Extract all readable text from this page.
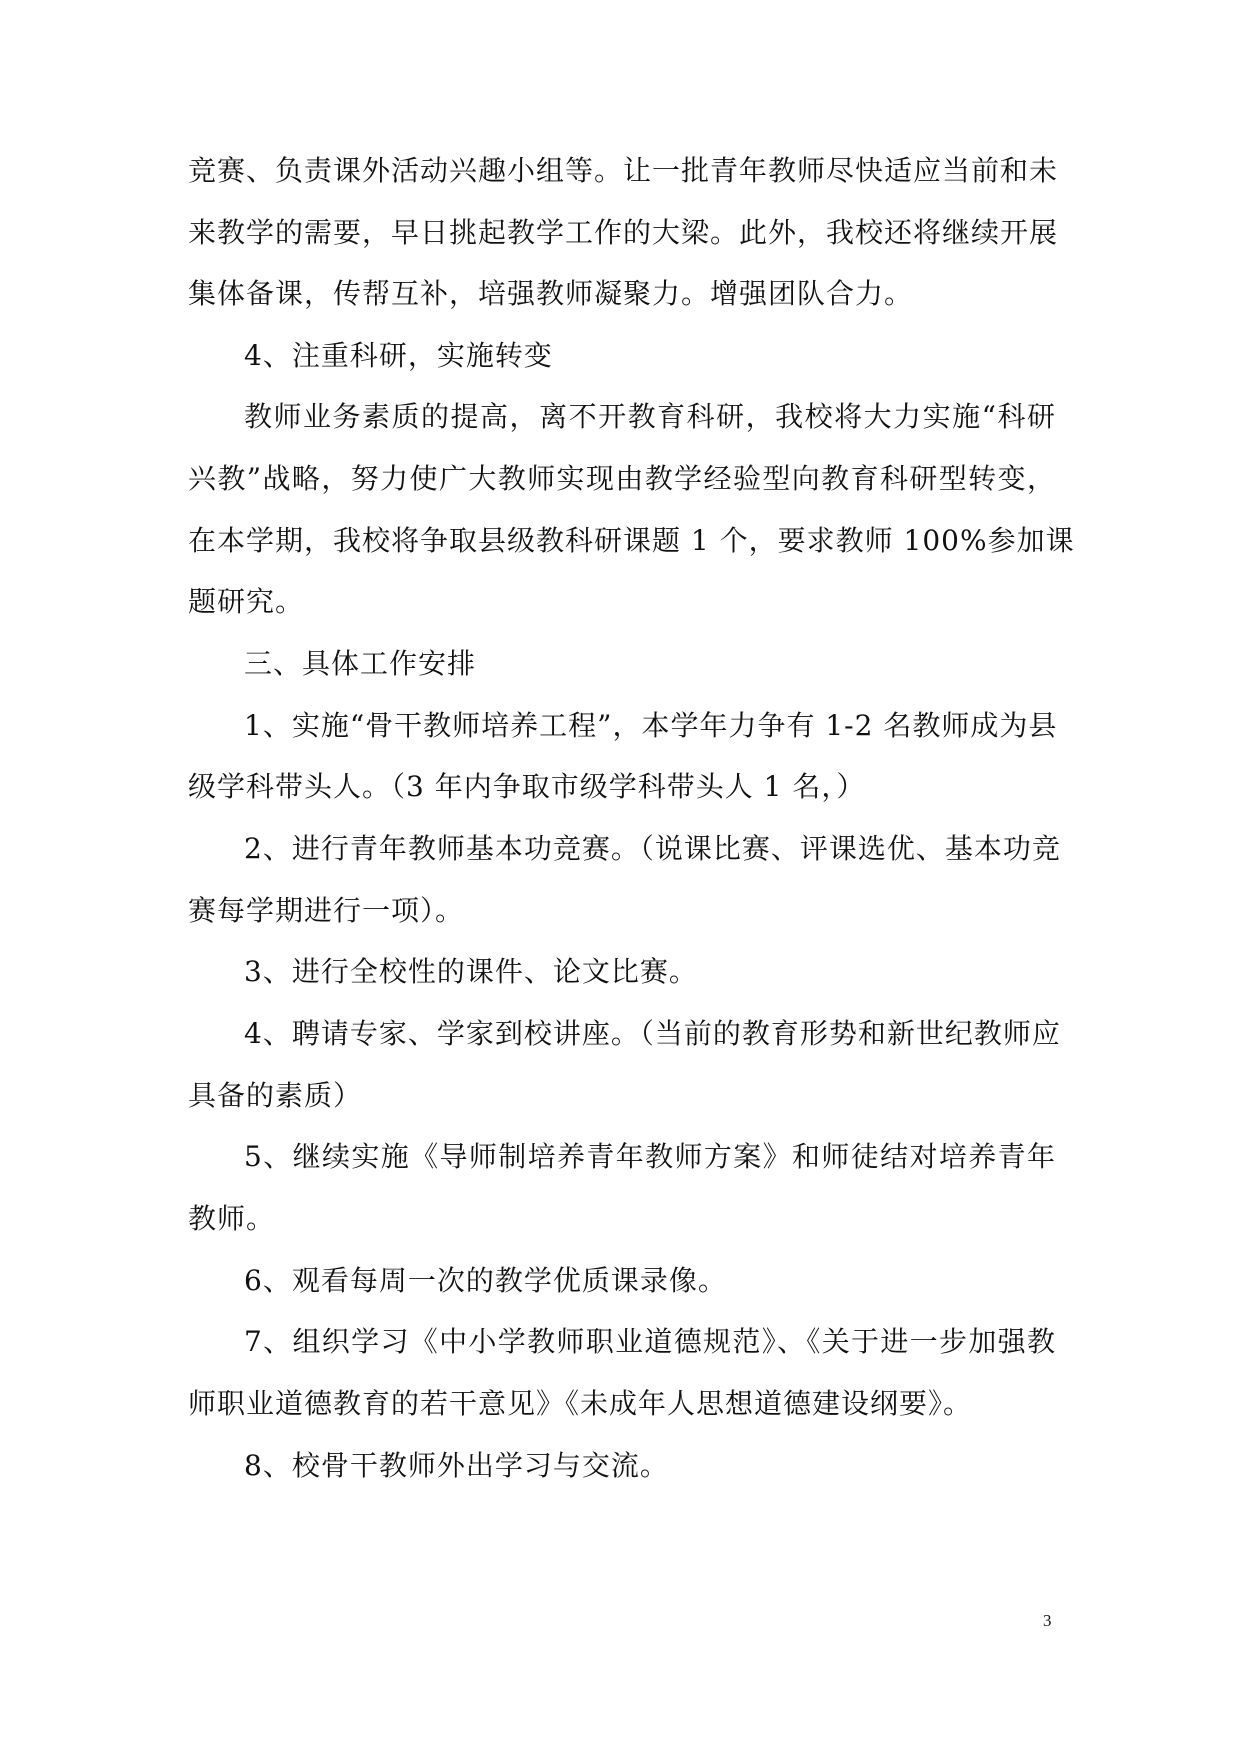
竞赛、负责课外活动兴趣小组等。让一批青年教师尽快适应当前和未
来教学的需要，早日挑起教学工作的大梁。此外，我校还将继续开展
集体备课，传帮互补，培强教师凝聚力。增强团队合力。
4、注重科研，实施转变
教师业务素质的提高，离不开教育科研，我校将大力实施“科研
兴教”战略，努力使广大教师实现由教学经验型向教育科研型转变，
在本学期，我校将争取县级教科研课题 1 个，要求教师 100%参加课
题研究。
三、具体工作安排
1、实施“骨干教师培养工程”，本学年力争有 1-2 名教师成为县
级学科带头人。（3 年内争取市级学科带头人 1 名，）
2、进行青年教师基本功竞赛。（说课比赛、评课选优、基本功竞
赛每学期进行一项）。
3、进行全校性的课件、论文比赛。
4、聘请专家、学家到校讲座。（当前的教育形势和新世纪教师应
具备的素质）
5、继续实施《导师制培养青年教师方案》和师徒结对培养青年
教师。
6、观看每周一次的教学优质课录像。
7、组织学习《中小学教师职业道德规范》、《关于进一步加强教
师职业道德教育的若干意见》《未成年人思想道德建设纲要》。
8、校骨干教师外出学习与交流。
3
